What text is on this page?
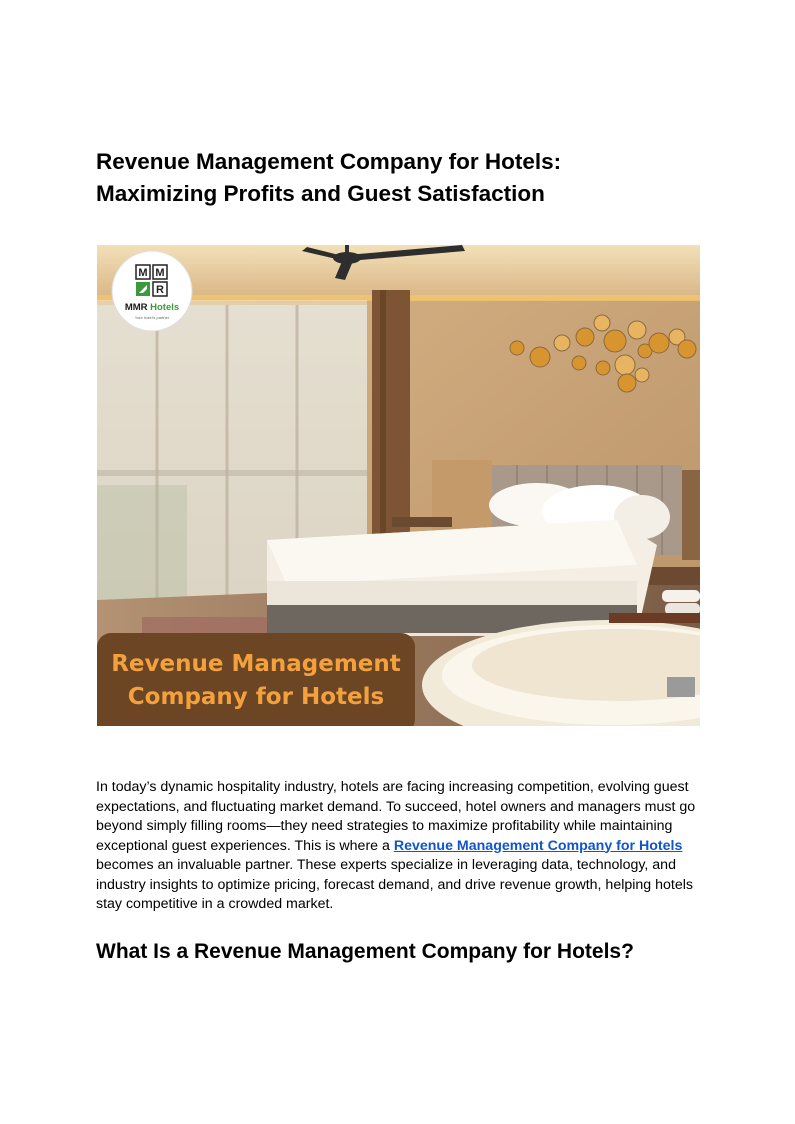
Revenue Management Company for Hotels:
Maximizing Profits and Guest Satisfaction
M M
R
MMR Hotels
Your hotel's partner
Revenue Management
Company for Hotels

In today’s dynamic hospitality industry, hotels are facing increasing competition, evolving guest expectations, and fluctuating market demand. To succeed, hotel owners and managers must go beyond simply filling rooms—they need strategies to maximize profitability while maintaining exceptional guest experiences. This is where a Revenue Management Company for Hotels becomes an invaluable partner. These experts specialize in leveraging data, technology, and industry insights to optimize pricing, forecast demand, and drive revenue growth, helping hotels stay competitive in a crowded market.

What Is a Revenue Management Company for Hotels?
